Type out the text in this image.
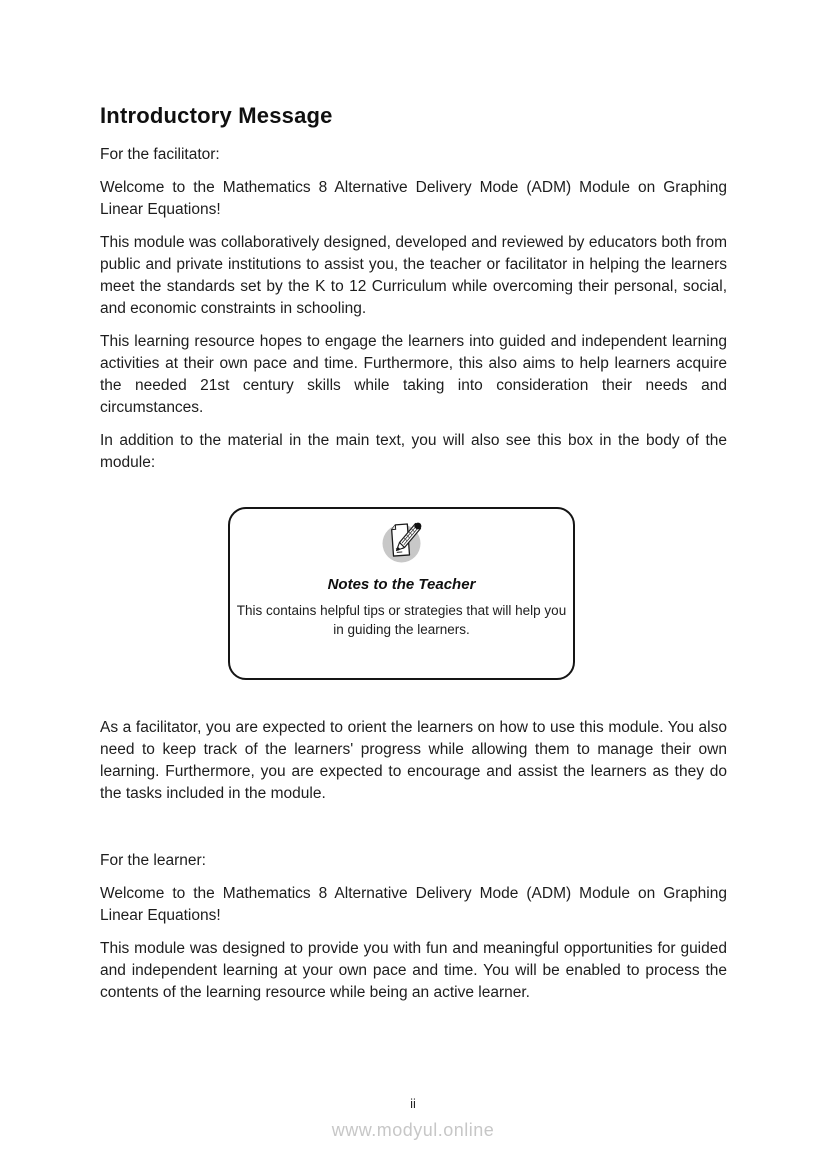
Introductory Message

For the facilitator:

Welcome to the Mathematics 8 Alternative Delivery Mode (ADM) Module on Graphing Linear Equations!

This module was collaboratively designed, developed and reviewed by educators both from public and private institutions to assist you, the teacher or facilitator in helping the learners meet the standards set by the K to 12 Curriculum while overcoming their personal, social, and economic constraints in schooling.

This learning resource hopes to engage the learners into guided and independent learning activities at their own pace and time. Furthermore, this also aims to help learners acquire the needed 21st century skills while taking into consideration their needs and circumstances.

In addition to the material in the main text, you will also see this box in the body of the module:

Notes to the Teacher

This contains helpful tips or strategies that will help you in guiding the learners.

As a facilitator, you are expected to orient the learners on how to use this module. You also need to keep track of the learners' progress while allowing them to manage their own learning. Furthermore, you are expected to encourage and assist the learners as they do the tasks included in the module.

For the learner:

Welcome to the Mathematics 8 Alternative Delivery Mode (ADM) Module on Graphing Linear Equations!

This module was designed to provide you with fun and meaningful opportunities for guided and independent learning at your own pace and time. You will be enabled to process the contents of the learning resource while being an active learner.

ii
www.modyul.online
